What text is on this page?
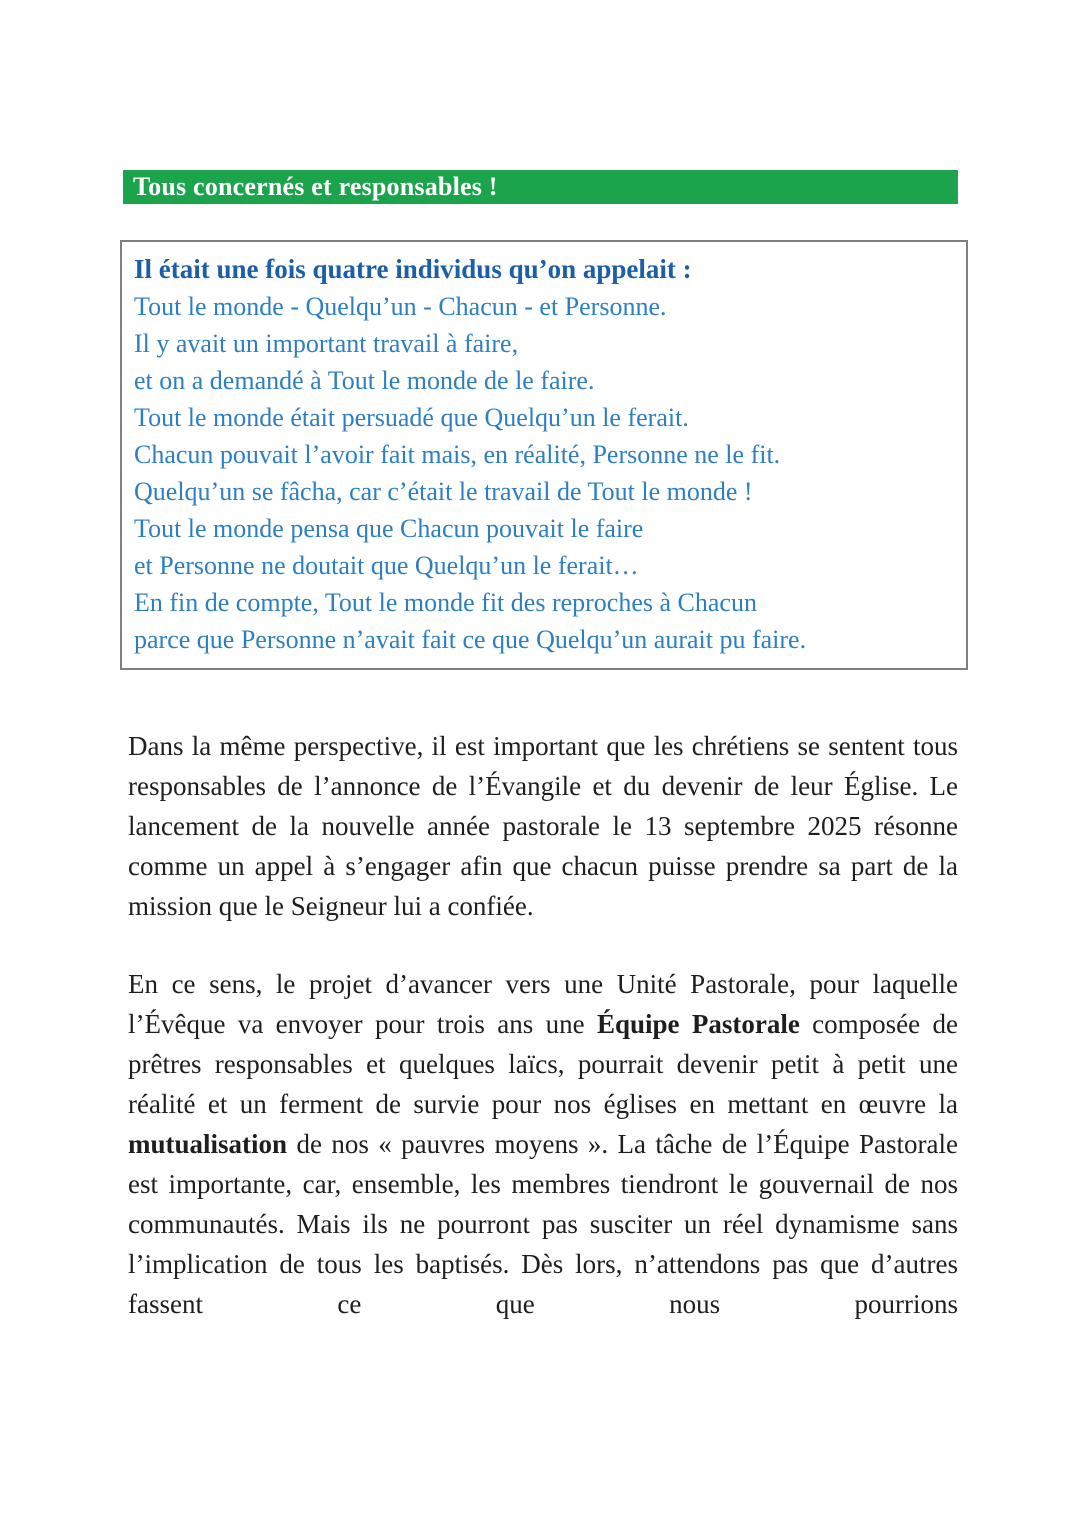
Tous concernés et responsables !
Il était une fois quatre individus qu’on appelait :
Tout le monde - Quelqu’un - Chacun - et Personne.
Il y avait un important travail à faire,
et on a demandé à Tout le monde de le faire.
Tout le monde était persuadé que Quelqu’un le ferait.
Chacun pouvait l’avoir fait mais, en réalité, Personne ne le fit.
Quelqu’un se fâcha, car c’était le travail de Tout le monde !
Tout le monde pensa que Chacun pouvait le faire
et Personne ne doutait que Quelqu’un le ferait…
En fin de compte, Tout le monde fit des reproches à Chacun
parce que Personne n’avait fait ce que Quelqu’un aurait pu faire.

Dans la même perspective, il est important que les chrétiens se sentent tous responsables de l’annonce de l’Évangile et du devenir de leur Église. Le lancement de la nouvelle année pastorale le 13 septembre 2025 résonne comme un appel à s’engager afin que chacun puisse prendre sa part de la mission que le Seigneur lui a confiée.

En ce sens, le projet d’avancer vers une Unité Pastorale, pour laquelle l’Évêque va envoyer pour trois ans une Équipe Pastorale composée de prêtres responsables et quelques laïcs, pourrait devenir petit à petit une réalité et un ferment de survie pour nos églises en mettant en œuvre la mutualisation de nos « pauvres moyens ». La tâche de l’Équipe Pastorale est importante, car, ensemble, les membres tiendront le gouvernail de nos communautés. Mais ils ne pourront pas susciter un réel dynamisme sans l’implication de tous les baptisés. Dès lors, n’attendons pas que d’autres fassent ce que nous pourrions
